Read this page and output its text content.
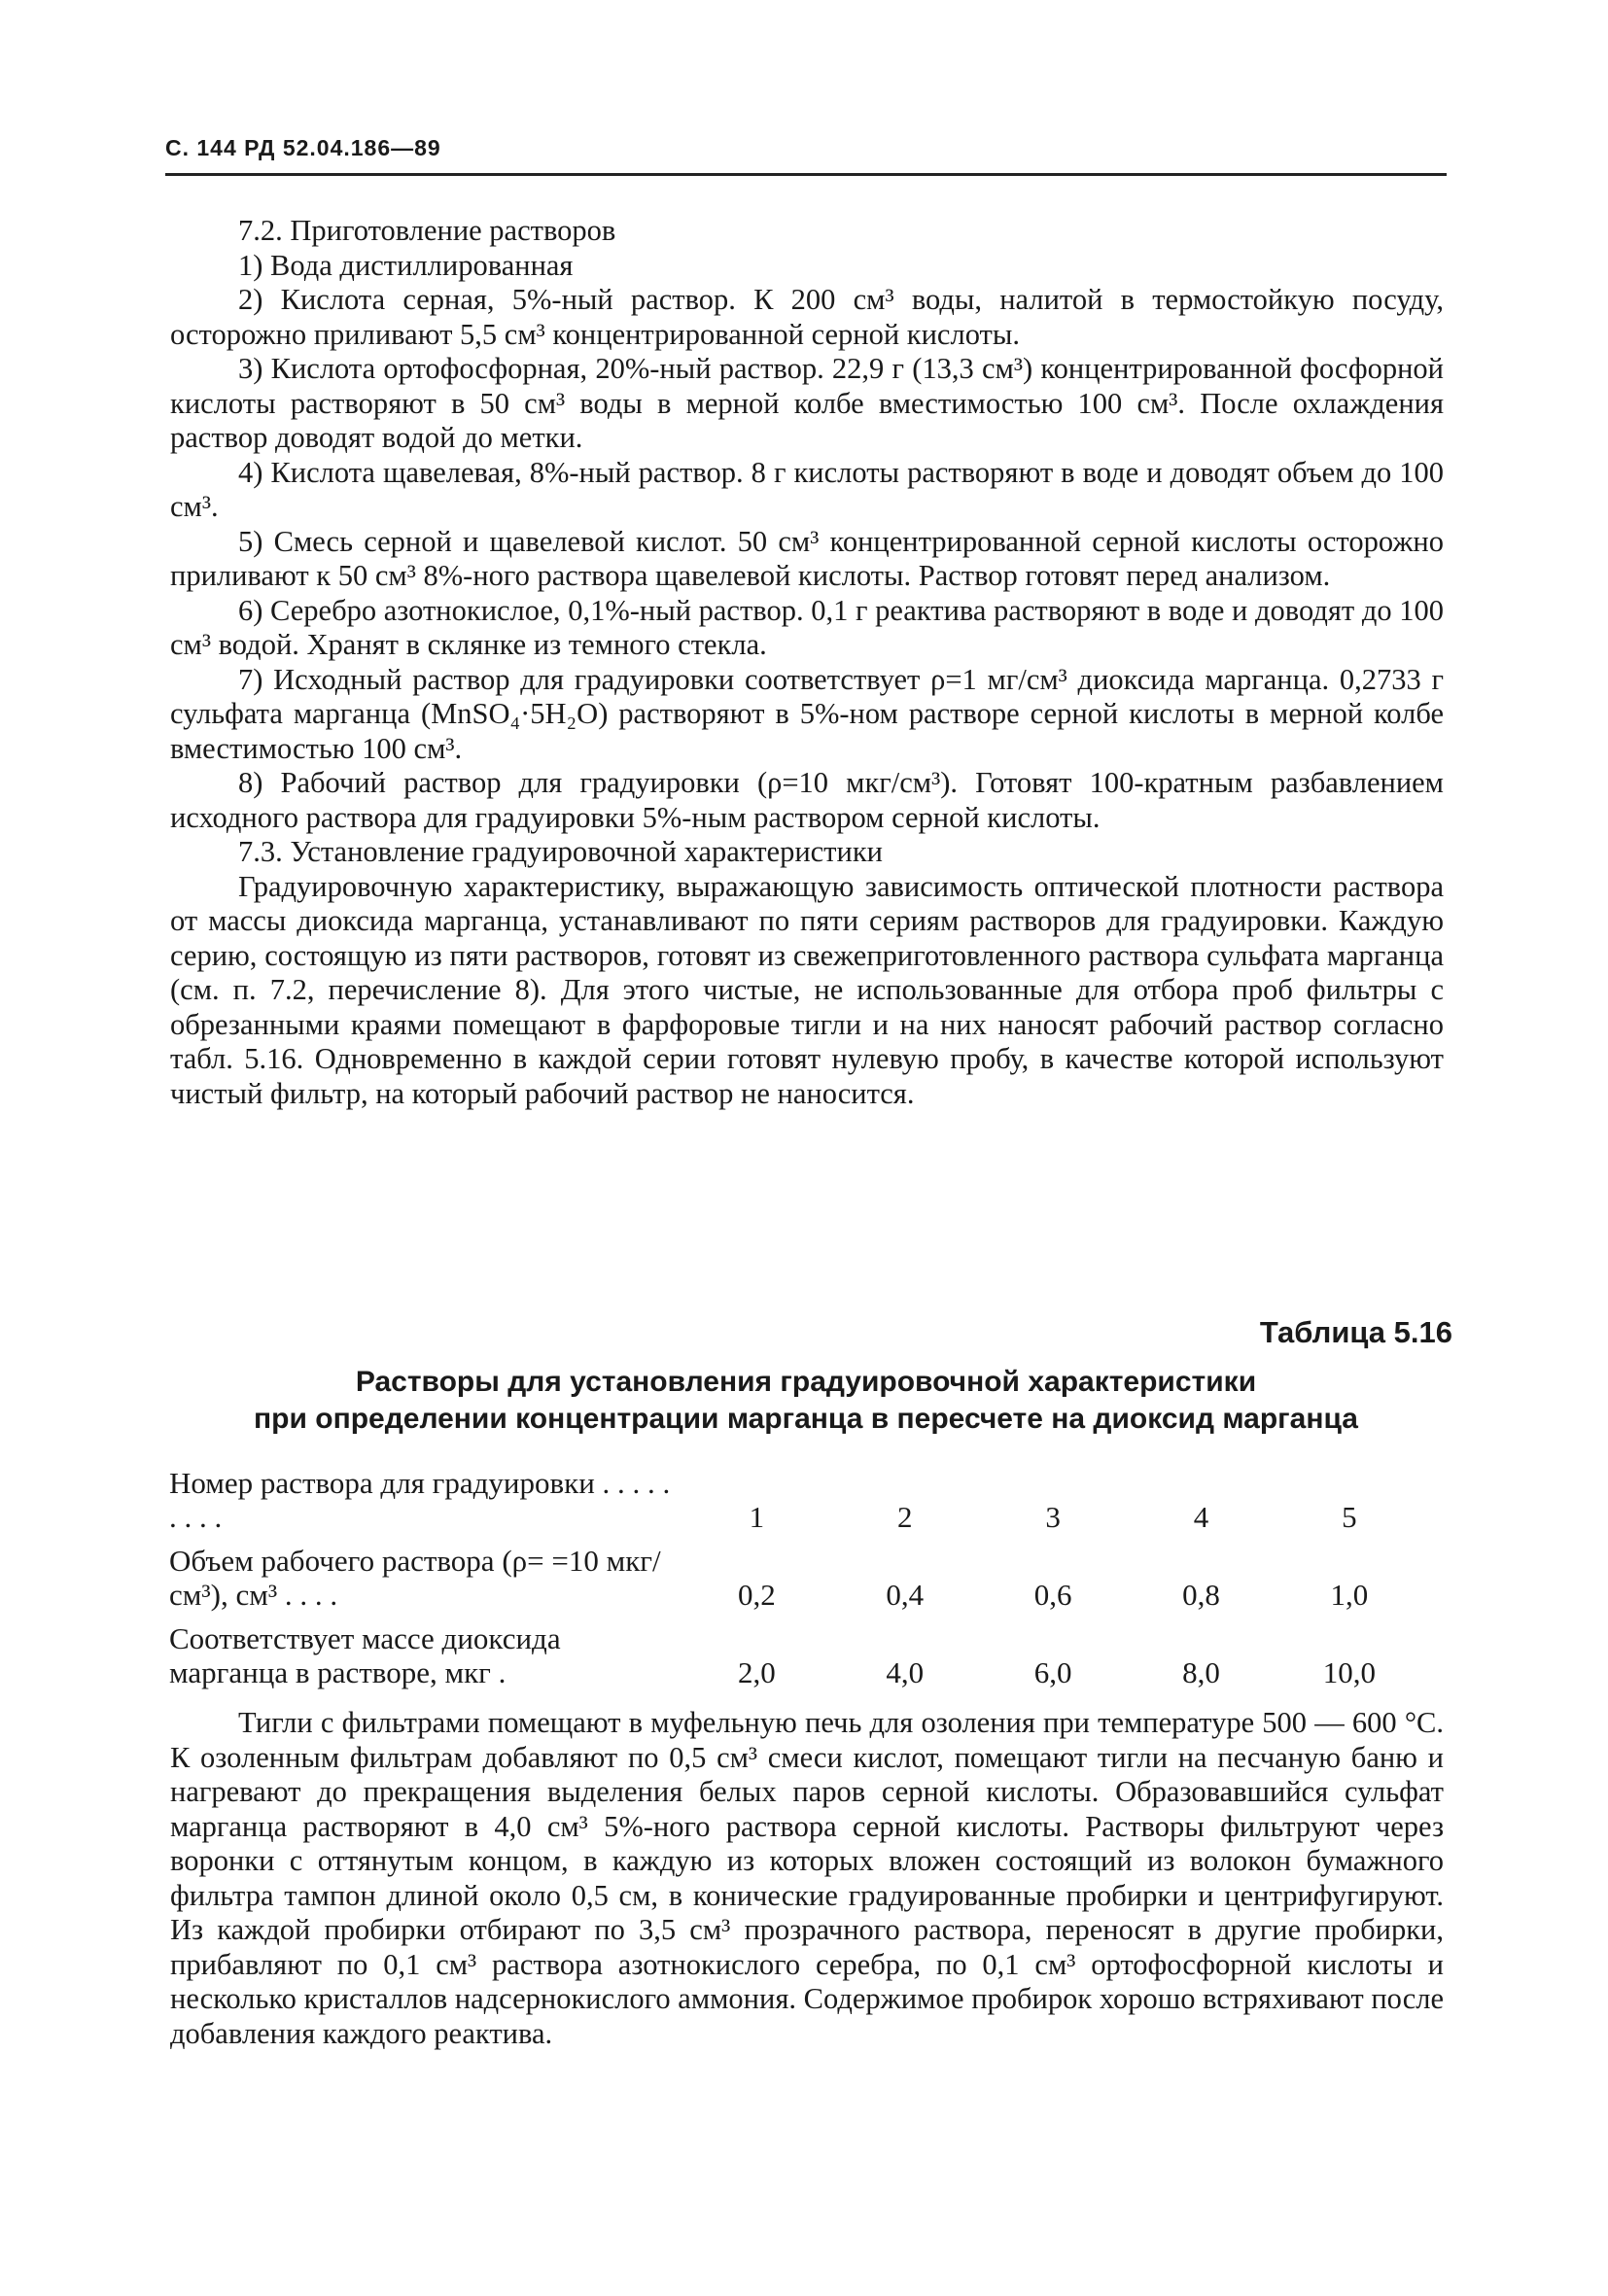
С. 144 РД 52.04.186—89

7.2. Приготовление растворов

1) Вода дистиллированная

2) Кислота серная, 5%-ный раствор. К 200 см³ воды, налитой в термостойкую посуду, осторожно приливают 5,5 см³ концентрированной серной кислоты.

3) Кислота ортофосфорная, 20%-ный раствор. 22,9 г (13,3 см³) концентрированной фосфорной кислоты растворяют в 50 см³ воды в мерной колбе вместимостью 100 см³. После охлаждения раствор доводят водой до метки.

4) Кислота щавелевая, 8%-ный раствор. 8 г кислоты растворяют в воде и доводят объем до 100 см³.

5) Смесь серной и щавелевой кислот. 50 см³ концентрированной серной кислоты осторожно приливают к 50 см³ 8%-ного раствора щавелевой кислоты. Раствор готовят перед анализом.

6) Серебро азотнокислое, 0,1%-ный раствор. 0,1 г реактива растворяют в воде и доводят до 100 см³ водой. Хранят в склянке из темного стекла.

7) Исходный раствор для градуировки соответствует ρ=1 мг/см³ диоксида марганца. 0,2733 г сульфата марганца (MnSO₄·5H₂O) растворяют в 5%-ном растворе серной кислоты в мерной колбе вместимостью 100 см³.

8) Рабочий раствор для градуировки (ρ=10 мкг/см³). Готовят 100-кратным разбавлением исходного раствора для градуировки 5%-ным раствором серной кислоты.

7.3. Установление градуировочной характеристики

Градуировочную характеристику, выражающую зависимость оптической плотности раствора от массы диоксида марганца, устанавливают по пяти сериям растворов для градуировки. Каждую серию, состоящую из пяти растворов, готовят из свежеприготовленного раствора сульфата марганца (см. п. 7.2, перечисление 8). Для этого чистые, не использованные для отбора проб фильтры с обрезанными краями помещают в фарфоровые тигли и на них наносят рабочий раствор согласно табл. 5.16. Одновременно в каждой серии готовят нулевую пробу, в качестве которой используют чистый фильтр, на который рабочий раствор не наносится.

Таблица 5.16
Растворы для установления градуировочной характеристики
при определении концентрации марганца в пересчете на диоксид марганца
Номер раствора для градуировки . . . . . . . . .	1	2	3	4	5
Объем рабочего раствора (ρ= =10 мкг/см³), см³ . . . .	0,2	0,4	0,6	0,8	1,0
Соответствует массе диоксида марганца в растворе, мкг .	2,0	4,0	6,0	8,0	10,0

Тигли с фильтрами помещают в муфельную печь для озоления при температуре 500 — 600 °С. К озоленным фильтрам добавляют по 0,5 см³ смеси кислот, помещают тигли на песчаную баню и нагревают до прекращения выделения белых паров серной кислоты. Образовавшийся сульфат марганца растворяют в 4,0 см³ 5%-ного раствора серной кислоты. Растворы фильтруют через воронки с оттянутым концом, в каждую из которых вложен состоящий из волокон бумажного фильтра тампон длиной около 0,5 см, в конические градуированные пробирки и центрифугируют. Из каждой пробирки отбирают по 3,5 см³ прозрачного раствора, переносят в другие пробирки, прибавляют по 0,1 см³ раствора азотнокислого серебра, по 0,1 см³ ортофосфорной кислоты и несколько кристаллов надсернокислого аммония. Содержимое пробирок хорошо встряхивают после добавления каждого реактива.
